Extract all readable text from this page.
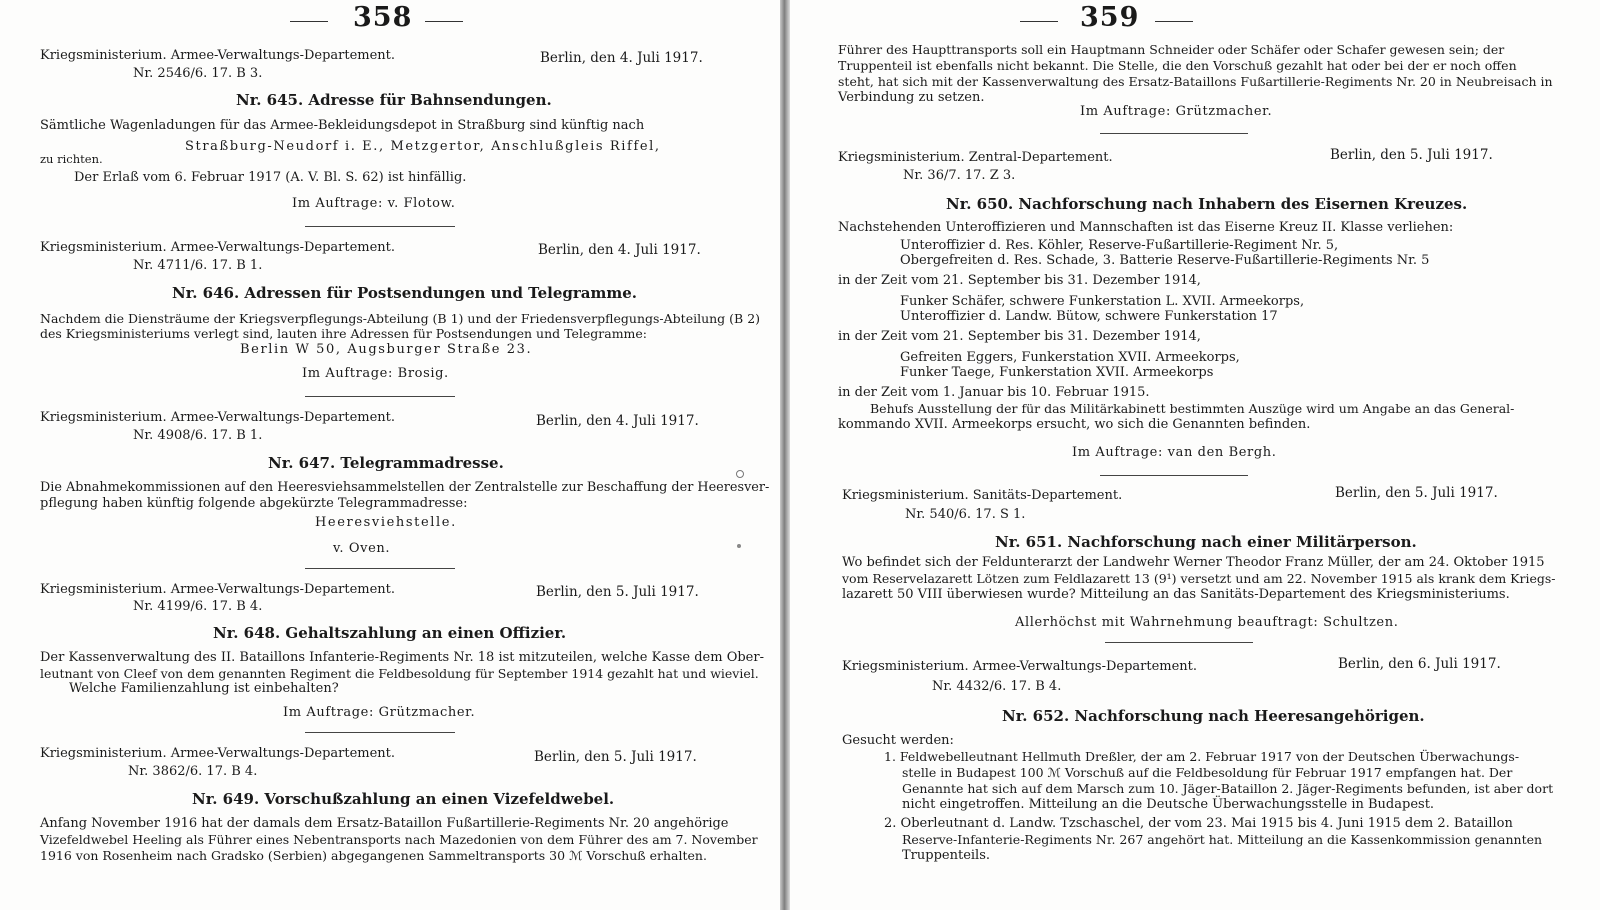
358
Kriegsministerium. Armee-Verwaltungs-Departement.	Berlin, den 4. Juli 1917.
Nr. 2546/6. 17. B 3.
Nr. 645. Adresse für Bahnsendungen.
Sämtliche Wagenladungen für das Armee-Bekleidungsdepot in Straßburg sind künftig nach
Straßburg-Neudorf i. E., Metzgertor, Anschlußgleis Riffel,
zu richten.
Der Erlaß vom 6. Februar 1917 (A. V. Bl. S. 62) ist hinfällig.
Im Auftrage: v. Flotow.
Kriegsministerium. Armee-Verwaltungs-Departement.	Berlin, den 4. Juli 1917.
Nr. 4711/6. 17. B 1.
Nr. 646. Adressen für Postsendungen und Telegramme.
Nachdem die Diensträume der Kriegsverpflegungs-Abteilung (B 1) und der Friedensverpflegungs-Abteilung (B 2)
des Kriegsministeriums verlegt sind, lauten ihre Adressen für Postsendungen und Telegramme:
Berlin W 50, Augsburger Straße 23.
Im Auftrage: Brosig.
Kriegsministerium. Armee-Verwaltungs-Departement.	Berlin, den 4. Juli 1917.
Nr. 4908/6. 17. B 1.
Nr. 647. Telegrammadresse.
Die Abnahmekommissionen auf den Heeresviehsammelstellen der Zentralstelle zur Beschaffung der Heeresver-
pflegung haben künftig folgende abgekürzte Telegrammadresse:
Heeresviehstelle.
v. Oven.
Kriegsministerium. Armee-Verwaltungs-Departement.	Berlin, den 5. Juli 1917.
Nr. 4199/6. 17. B 4.
Nr. 648. Gehaltszahlung an einen Offizier.
Der Kassenverwaltung des II. Bataillons Infanterie-Regiments Nr. 18 ist mitzuteilen, welche Kasse dem Ober-
leutnant von Cleef von dem genannten Regiment die Feldbesoldung für September 1914 gezahlt hat und wieviel.
Welche Familienzahlung ist einbehalten?
Im Auftrage: Grützmacher.
Kriegsministerium. Armee-Verwaltungs-Departement.	Berlin, den 5. Juli 1917.
Nr. 3862/6. 17. B 4.
Nr. 649. Vorschußzahlung an einen Vizefeldwebel.
Anfang November 1916 hat der damals dem Ersatz-Bataillon Fußartillerie-Regiments Nr. 20 angehörige
Vizefeldwebel Heeling als Führer eines Nebentransports nach Mazedonien von dem Führer des am 7. November
1916 von Rosenheim nach Gradsko (Serbien) abgegangenen Sammeltransports 30 ℳ Vorschuß erhalten.
359
Führer des Haupttransports soll ein Hauptmann Schneider oder Schäfer oder Schafer gewesen sein; der
Truppenteil ist ebenfalls nicht bekannt. Die Stelle, die den Vorschuß gezahlt hat oder bei der er noch offen
steht, hat sich mit der Kassenverwaltung des Ersatz-Bataillons Fußartillerie-Regiments Nr. 20 in Neubreisach in
Verbindung zu setzen.
Im Auftrage: Grützmacher.
Kriegsministerium. Zentral-Departement.	Berlin, den 5. Juli 1917.
Nr. 36/7. 17. Z 3.
Nr. 650. Nachforschung nach Inhabern des Eisernen Kreuzes.
Nachstehenden Unteroffizieren und Mannschaften ist das Eiserne Kreuz II. Klasse verliehen:
Unteroffizier d. Res. Köhler, Reserve-Fußartillerie-Regiment Nr. 5,
Obergefreiten d. Res. Schade, 3. Batterie Reserve-Fußartillerie-Regiments Nr. 5
in der Zeit vom 21. September bis 31. Dezember 1914,
Funker Schäfer, schwere Funkerstation L. XVII. Armeekorps,
Unteroffizier d. Landw. Bütow, schwere Funkerstation 17
in der Zeit vom 21. September bis 31. Dezember 1914,
Gefreiten Eggers, Funkerstation XVII. Armeekorps,
Funker Taege, Funkerstation XVII. Armeekorps
in der Zeit vom 1. Januar bis 10. Februar 1915.
Behufs Ausstellung der für das Militärkabinett bestimmten Auszüge wird um Angabe an das General-
kommando XVII. Armeekorps ersucht, wo sich die Genannten befinden.
Im Auftrage: van den Bergh.
Kriegsministerium. Sanitäts-Departement.	Berlin, den 5. Juli 1917.
Nr. 540/6. 17. S 1.
Nr. 651. Nachforschung nach einer Militärperson.
Wo befindet sich der Feldunterarzt der Landwehr Werner Theodor Franz Müller, der am 24. Oktober 1915
vom Reservelazarett Lötzen zum Feldlazarett 13 (9¹) versetzt und am 22. November 1915 als krank dem Kriegs-
lazarett 50 VIII überwiesen wurde? Mitteilung an das Sanitäts-Departement des Kriegsministeriums.
Allerhöchst mit Wahrnehmung beauftragt: Schultzen.
Kriegsministerium. Armee-Verwaltungs-Departement.	Berlin, den 6. Juli 1917.
Nr. 4432/6. 17. B 4.
Nr. 652. Nachforschung nach Heeresangehörigen.
Gesucht werden:
1. Feldwebelleutnant Hellmuth Dreßler, der am 2. Februar 1917 von der Deutschen Überwachungs-
stelle in Budapest 100 ℳ Vorschuß auf die Feldbesoldung für Februar 1917 empfangen hat. Der
Genannte hat sich auf dem Marsch zum 10. Jäger-Bataillon 2. Jäger-Regiments befunden, ist aber dort
nicht eingetroffen. Mitteilung an die Deutsche Überwachungsstelle in Budapest.
2. Oberleutnant d. Landw. Tzschaschel, der vom 23. Mai 1915 bis 4. Juni 1915 dem 2. Bataillon
Reserve-Infanterie-Regiments Nr. 267 angehört hat. Mitteilung an die Kassenkommission genannten
Truppenteils.
